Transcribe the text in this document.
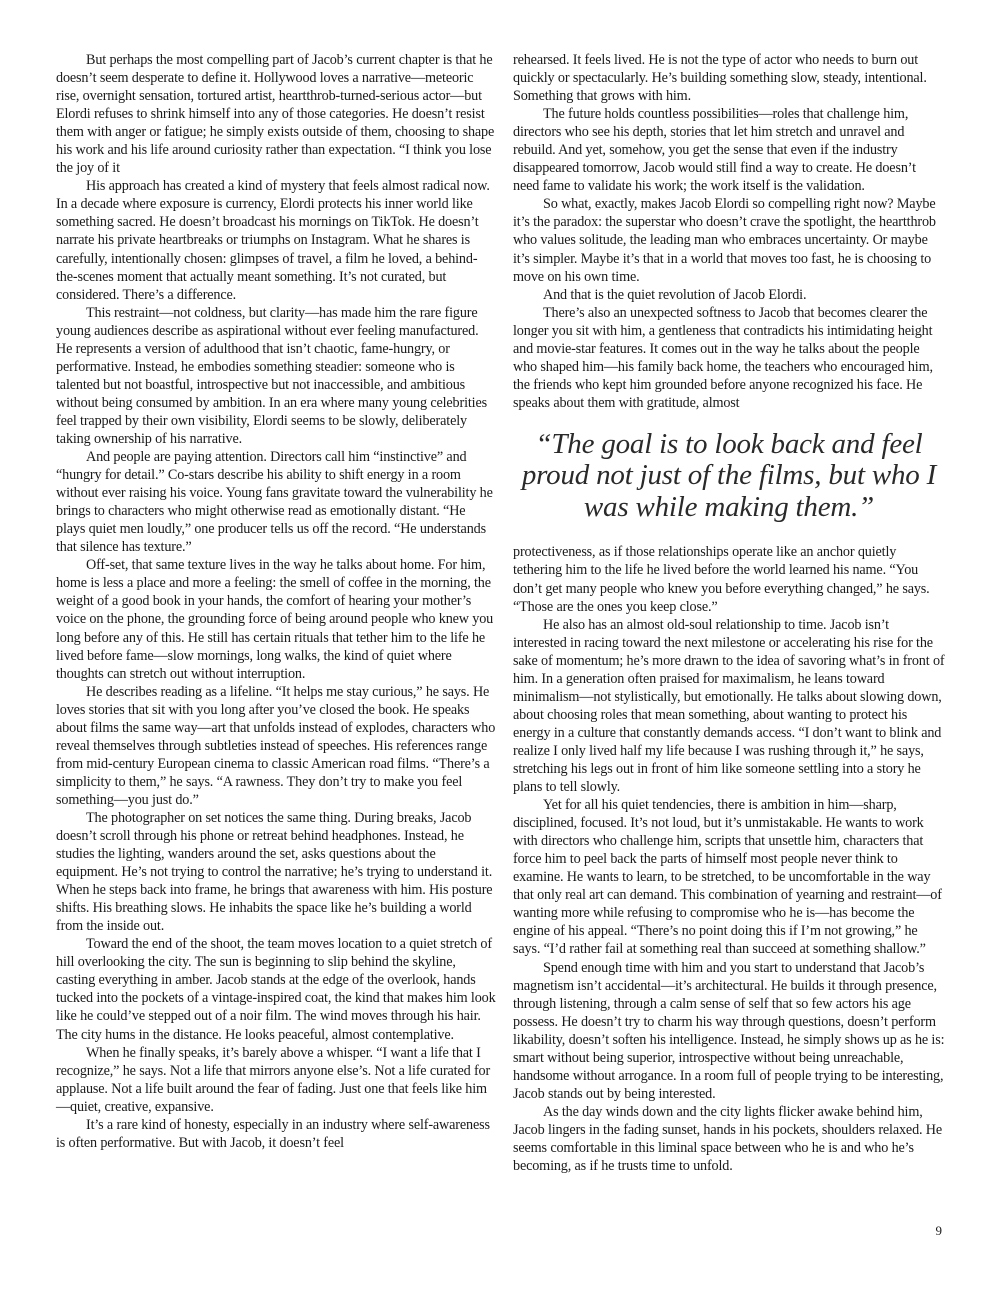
But perhaps the most compelling part of Jacob’s current chapter is that he doesn’t seem desperate to define it. Hollywood loves a narrative—meteoric rise, overnight sensation, tortured artist, heartthrob-turned-serious actor—but Elordi refuses to shrink himself into any of those categories. He doesn’t resist them with anger or fatigue; he simply exists outside of them, choosing to shape his work and his life around curiosity rather than expectation. “I think you lose the joy of it

His approach has created a kind of mystery that feels almost radical now. In a decade where exposure is currency, Elordi protects his inner world like something sacred. He doesn’t broadcast his mornings on TikTok. He doesn’t narrate his private heartbreaks or triumphs on Instagram. What he shares is carefully, intentionally chosen: glimpses of travel, a film he loved, a behind-the-scenes moment that actually meant something. It’s not curated, but considered. There’s a difference.

This restraint—not coldness, but clarity—has made him the rare figure young audiences describe as aspirational without ever feeling manufactured. He represents a version of adulthood that isn’t chaotic, fame-hungry, or performative. Instead, he embodies something steadier: someone who is talented but not boastful, introspective but not inaccessible, and ambitious without being consumed by ambition. In an era where many young celebrities feel trapped by their own visibility, Elordi seems to be slowly, deliberately taking ownership of his narrative.

And people are paying attention. Directors call him “instinctive” and “hungry for detail.” Co-stars describe his ability to shift energy in a room without ever raising his voice. Young fans gravitate toward the vulnerability he brings to characters who might otherwise read as emotionally distant. “He plays quiet men loudly,” one producer tells us off the record. “He understands that silence has texture.”

Off-set, that same texture lives in the way he talks about home. For him, home is less a place and more a feeling: the smell of coffee in the morning, the weight of a good book in your hands, the comfort of hearing your mother’s voice on the phone, the grounding force of being around people who knew you long before any of this. He still has certain rituals that tether him to the life he lived before fame—slow mornings, long walks, the kind of quiet where thoughts can stretch out without interruption.

He describes reading as a lifeline. “It helps me stay curious,” he says. He loves stories that sit with you long after you’ve closed the book. He speaks about films the same way—art that unfolds instead of explodes, characters who reveal themselves through subtleties instead of speeches. His references range from mid-century European cinema to classic American road films. “There’s a simplicity to them,” he says. “A rawness. They don’t try to make you feel something—you just do.”

The photographer on set notices the same thing. During breaks, Jacob doesn’t scroll through his phone or retreat behind headphones. Instead, he studies the lighting, wanders around the set, asks questions about the equipment. He’s not trying to control the narrative; he’s trying to understand it. When he steps back into frame, he brings that awareness with him. His posture shifts. His breathing slows. He inhabits the space like he’s building a world from the inside out.

Toward the end of the shoot, the team moves location to a quiet stretch of hill overlooking the city. The sun is beginning to slip behind the skyline, casting everything in amber. Jacob stands at the edge of the overlook, hands tucked into the pockets of a vintage-inspired coat, the kind that makes him look like he could’ve stepped out of a noir film. The wind moves through his hair. The city hums in the distance. He looks peaceful, almost contemplative.

When he finally speaks, it’s barely above a whisper. “I want a life that I recognize,” he says. Not a life that mirrors anyone else’s. Not a life curated for applause. Not a life built around the fear of fading. Just one that feels like him—quiet, creative, expansive.

It’s a rare kind of honesty, especially in an industry where self-awareness is often performative. But with Jacob, it doesn’t feel

rehearsed. It feels lived. He is not the type of actor who needs to burn out quickly or spectacularly. He’s building something slow, steady, intentional. Something that grows with him.

The future holds countless possibilities—roles that challenge him, directors who see his depth, stories that let him stretch and unravel and rebuild. And yet, somehow, you get the sense that even if the industry disappeared tomorrow, Jacob would still find a way to create. He doesn’t need fame to validate his work; the work itself is the validation.

So what, exactly, makes Jacob Elordi so compelling right now? Maybe it’s the paradox: the superstar who doesn’t crave the spotlight, the heartthrob who values solitude, the leading man who embraces uncertainty. Or maybe it’s simpler. Maybe it’s that in a world that moves too fast, he is choosing to move on his own time.

And that is the quiet revolution of Jacob Elordi.

There’s also an unexpected softness to Jacob that becomes clearer the longer you sit with him, a gentleness that contradicts his intimidating height and movie-star features. It comes out in the way he talks about the people who shaped him—his family back home, the teachers who encouraged him, the friends who kept him grounded before anyone recognized his face. He speaks about them with gratitude, almost

“The goal is to look back and feel proud not just of the films, but who I was while making them.”

protectiveness, as if those relationships operate like an anchor quietly tethering him to the life he lived before the world learned his name. “You don’t get many people who knew you before everything changed,” he says. “Those are the ones you keep close.”

He also has an almost old-soul relationship to time. Jacob isn’t interested in racing toward the next milestone or accelerating his rise for the sake of momentum; he’s more drawn to the idea of savoring what’s in front of him. In a generation often praised for maximalism, he leans toward minimalism—not stylistically, but emotionally. He talks about slowing down, about choosing roles that mean something, about wanting to protect his energy in a culture that constantly demands access. “I don’t want to blink and realize I only lived half my life because I was rushing through it,” he says, stretching his legs out in front of him like someone settling into a story he plans to tell slowly.

Yet for all his quiet tendencies, there is ambition in him—sharp, disciplined, focused. It’s not loud, but it’s unmistakable. He wants to work with directors who challenge him, scripts that unsettle him, characters that force him to peel back the parts of himself most people never think to examine. He wants to learn, to be stretched, to be uncomfortable in the way that only real art can demand. This combination of yearning and restraint—of wanting more while refusing to compromise who he is—has become the engine of his appeal. “There’s no point doing this if I’m not growing,” he says. “I’d rather fail at something real than succeed at something shallow.”

Spend enough time with him and you start to understand that Jacob’s magnetism isn’t accidental—it’s architectural. He builds it through presence, through listening, through a calm sense of self that so few actors his age possess. He doesn’t try to charm his way through questions, doesn’t perform likability, doesn’t soften his intelligence. Instead, he simply shows up as he is: smart without being superior, introspective without being unreachable, handsome without arrogance. In a room full of people trying to be interesting, Jacob stands out by being interested.

As the day winds down and the city lights flicker awake behind him, Jacob lingers in the fading sunset, hands in his pockets, shoulders relaxed. He seems comfortable in this liminal space between who he is and who he’s becoming, as if he trusts time to unfold.

9
